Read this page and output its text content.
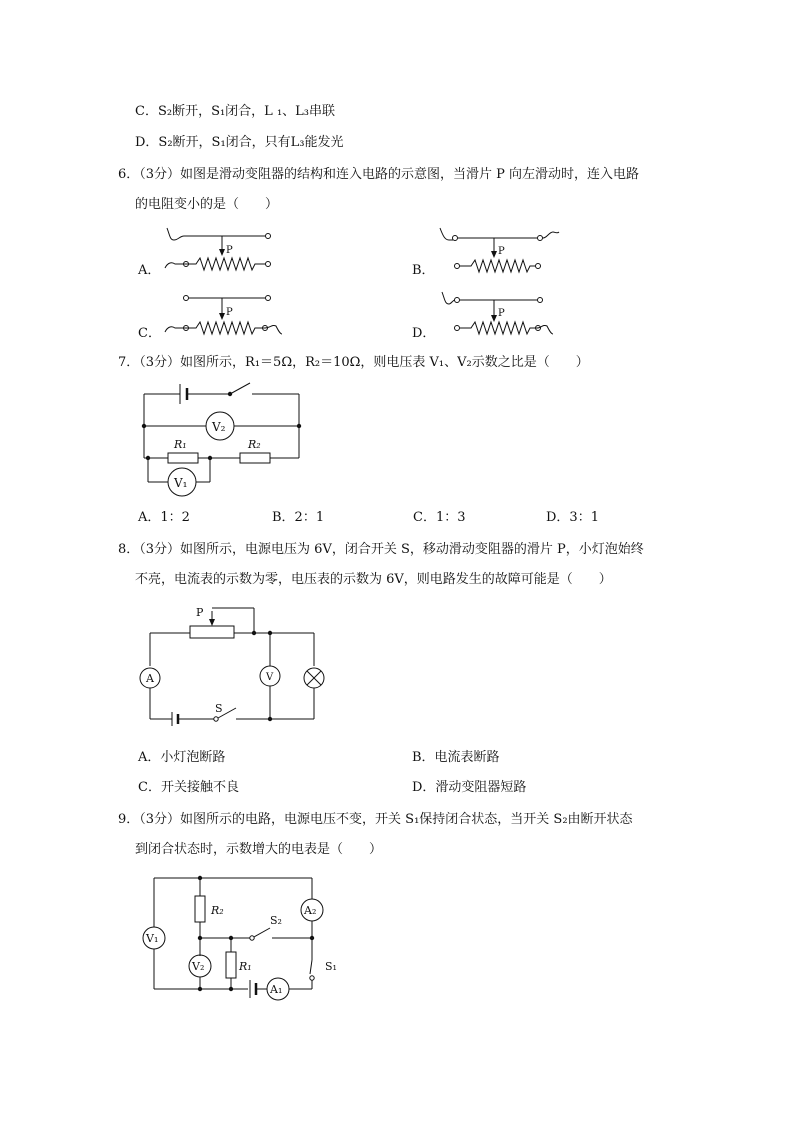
C．S₂断开，S₁闭合，L ₁、L₃串联
D．S₂断开，S₁闭合，只有L₃能发光
6．（3分）如图是滑动变阻器的结构和连入电路的示意图，当滑片 P 向左滑动时，连入电路
的电阻变小的是（　　）
A．	B．
C．	D．
P	P
P	P
7．（3分）如图所示，R₁＝5Ω，R₂＝10Ω，则电压表 V₁、V₂示数之比是（　　）
V₂
R₁	R₂
V₁
A．1：2	B．2：1	C．1：3	D．3：1
8．（3分）如图所示，电源电压为 6V，闭合开关 S，移动滑动变阻器的滑片 P，小灯泡始终
不亮，电流表的示数为零，电压表的示数为 6V，则电路发生的故障可能是（　　）
P
A	V
S
A．小灯泡断路	B．电流表断路
C．开关接触不良	D．滑动变阻器短路
9．（3分）如图所示的电路，电源电压不变，开关 S₁保持闭合状态，当开关 S₂由断开状态
到闭合状态时，示数增大的电表是（　　）
V₁
R₂
S₂
A₂
S₁
V₂	R₁
A₁
